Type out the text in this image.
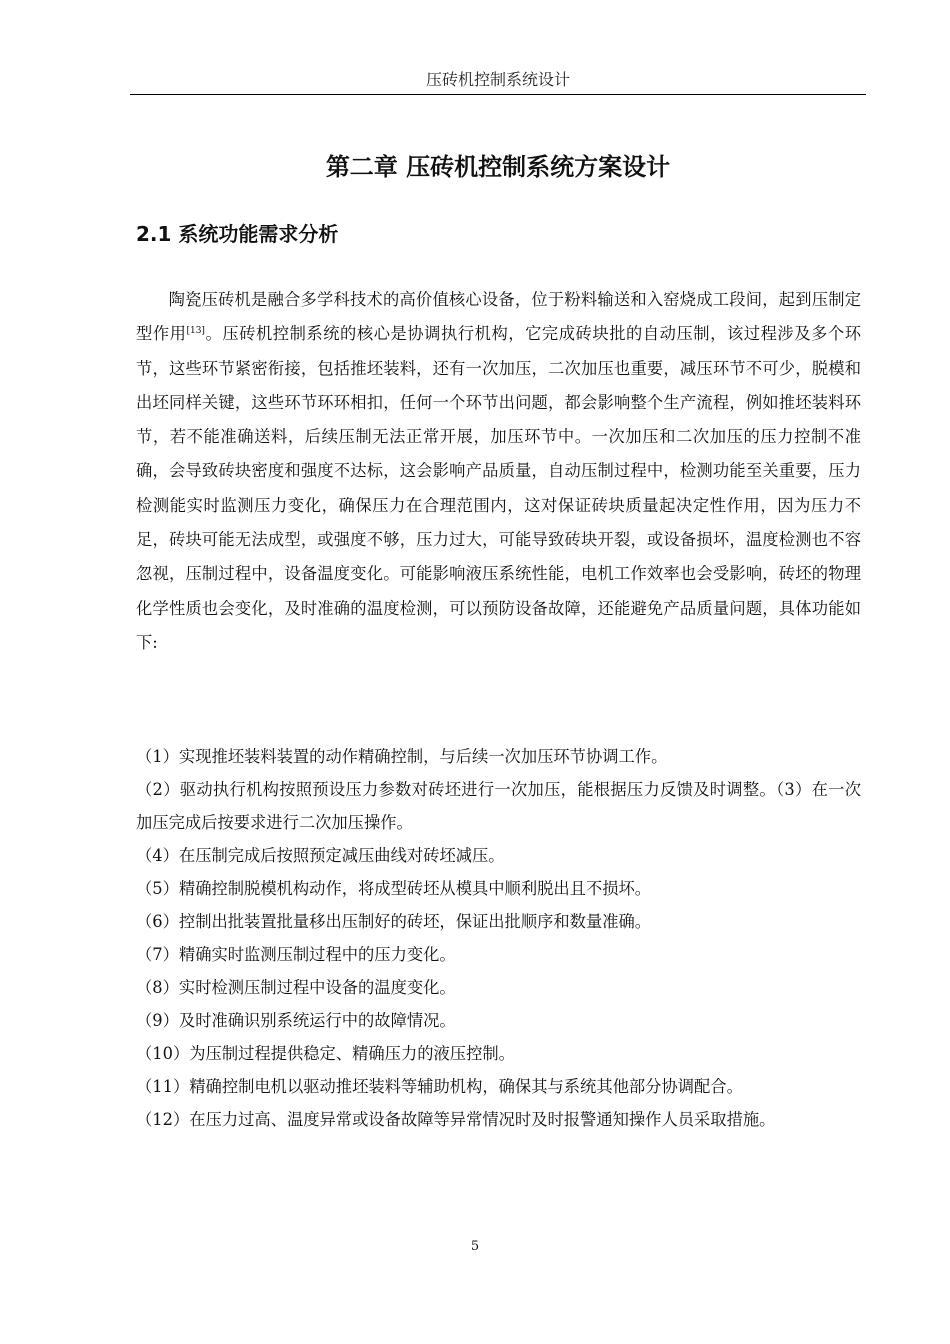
压砖机控制系统设计
第二章 压砖机控制系统方案设计
2.1 系统功能需求分析

陶瓷压砖机是融合多学科技术的高价值核心设备，位于粉料输送和入窑烧成工段间，起到压制定型作用[13]。压砖机控制系统的核心是协调执行机构，它完成砖块批的自动压制，该过程涉及多个环节，这些环节紧密衔接，包括推坯装料，还有一次加压，二次加压也重要，减压环节不可少，脱模和出坯同样关键，这些环节环环相扣，任何一个环节出问题，都会影响整个生产流程，例如推坯装料环节，若不能准确送料，后续压制无法正常开展，加压环节中。一次加压和二次加压的压力控制不准确，会导致砖块密度和强度不达标，这会影响产品质量，自动压制过程中，检测功能至关重要，压力检测能实时监测压力变化，确保压力在合理范围内，这对保证砖块质量起决定性作用，因为压力不足，砖块可能无法成型，或强度不够，压力过大，可能导致砖块开裂，或设备损坏，温度检测也不容忽视，压制过程中，设备温度变化。可能影响液压系统性能，电机工作效率也会受影响，砖坯的物理化学性质也会变化，及时准确的温度检测，可以预防设备故障，还能避免产品质量问题，具体功能如下:

（1）实现推坯装料装置的动作精确控制，与后续一次加压环节协调工作。

（2）驱动执行机构按照预设压力参数对砖坯进行一次加压，能根据压力反馈及时调整。（3）在一次加压完成后按要求进行二次加压操作。

（4）在压制完成后按照预定减压曲线对砖坯减压。

（5）精确控制脱模机构动作，将成型砖坯从模具中顺利脱出且不损坏。

（6）控制出批装置批量移出压制好的砖坯，保证出批顺序和数量准确。

（7）精确实时监测压制过程中的压力变化。

（8）实时检测压制过程中设备的温度变化。

（9）及时准确识别系统运行中的故障情况。

（10）为压制过程提供稳定、精确压力的液压控制。

（11）精确控制电机以驱动推坯装料等辅助机构，确保其与系统其他部分协调配合。

（12）在压力过高、温度异常或设备故障等异常情况时及时报警通知操作人员采取措施。

5
